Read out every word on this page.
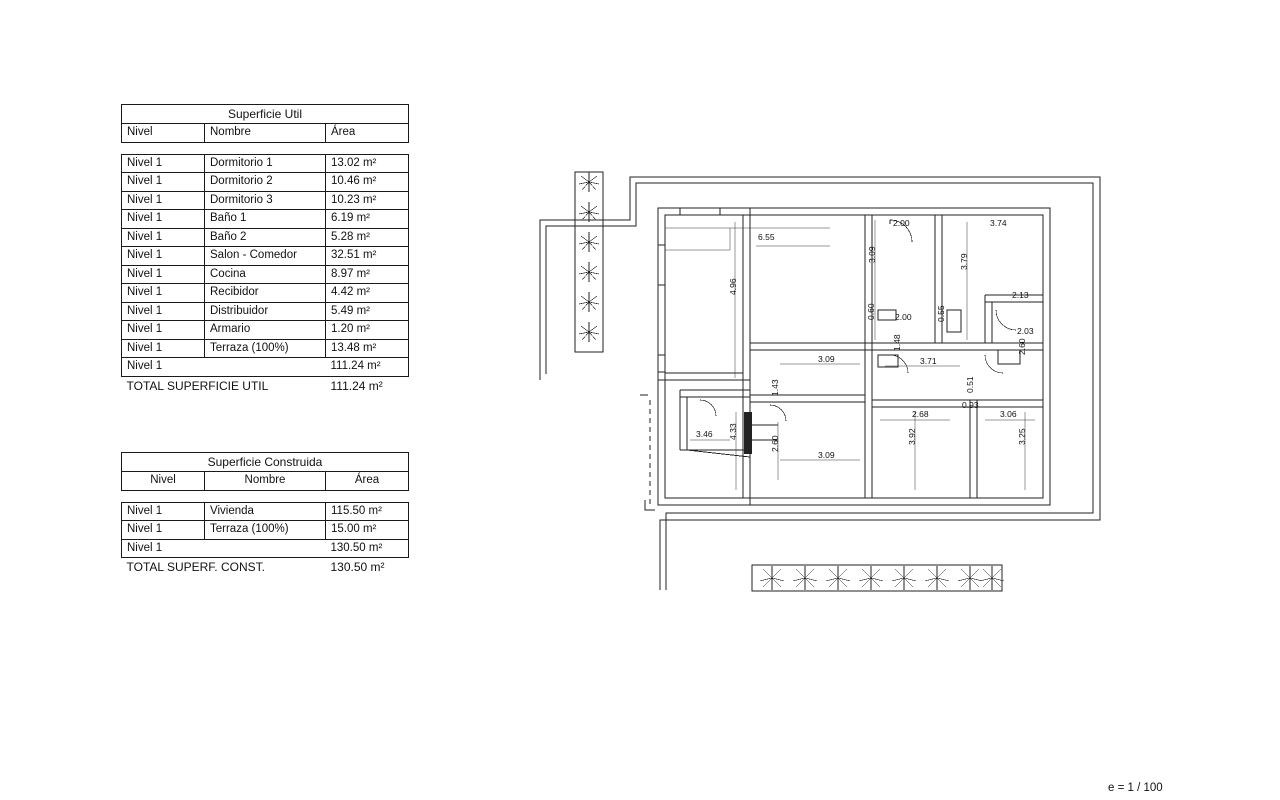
Superficie Util		
Nivel	Nombre	Área

Nivel 1	Dormitorio 1	13.02 m²
Nivel 1	Dormitorio 2	10.46 m²
Nivel 1	Dormitorio 3	10.23 m²
Nivel 1	Baño 1	6.19 m²
Nivel 1	Baño 2	5.28 m²
Nivel 1	Salon - Comedor	32.51 m²
Nivel 1	Cocina	8.97 m²
Nivel 1	Recibidor	4.42 m²
Nivel 1	Distribuidor	5.49 m²
Nivel 1	Armario	1.20 m²
Nivel 1	Terraza (100%)	13.48 m²
Nivel 1		111.24 m²
TOTAL SUPERFICIE UTIL		111.24 m²
Superficie Construida		
Nivel	Nombre	Área

Nivel 1	Vivienda	115.50 m²
Nivel 1	Terraza (100%)	15.00 m²
Nivel 1		130.50 m²
TOTAL SUPERF. CONST.		130.50 m²
6.55
4.96
2.00	3.74
3.09	3.79
2.13
2.03
2.60
0.60 2.00	0.55
1.48
3.09	3.71
1.43	0.51
2.68
0.93
3.06
3.46 4.33
2.60
3.09
3.92	3.25
e = 1 / 100
